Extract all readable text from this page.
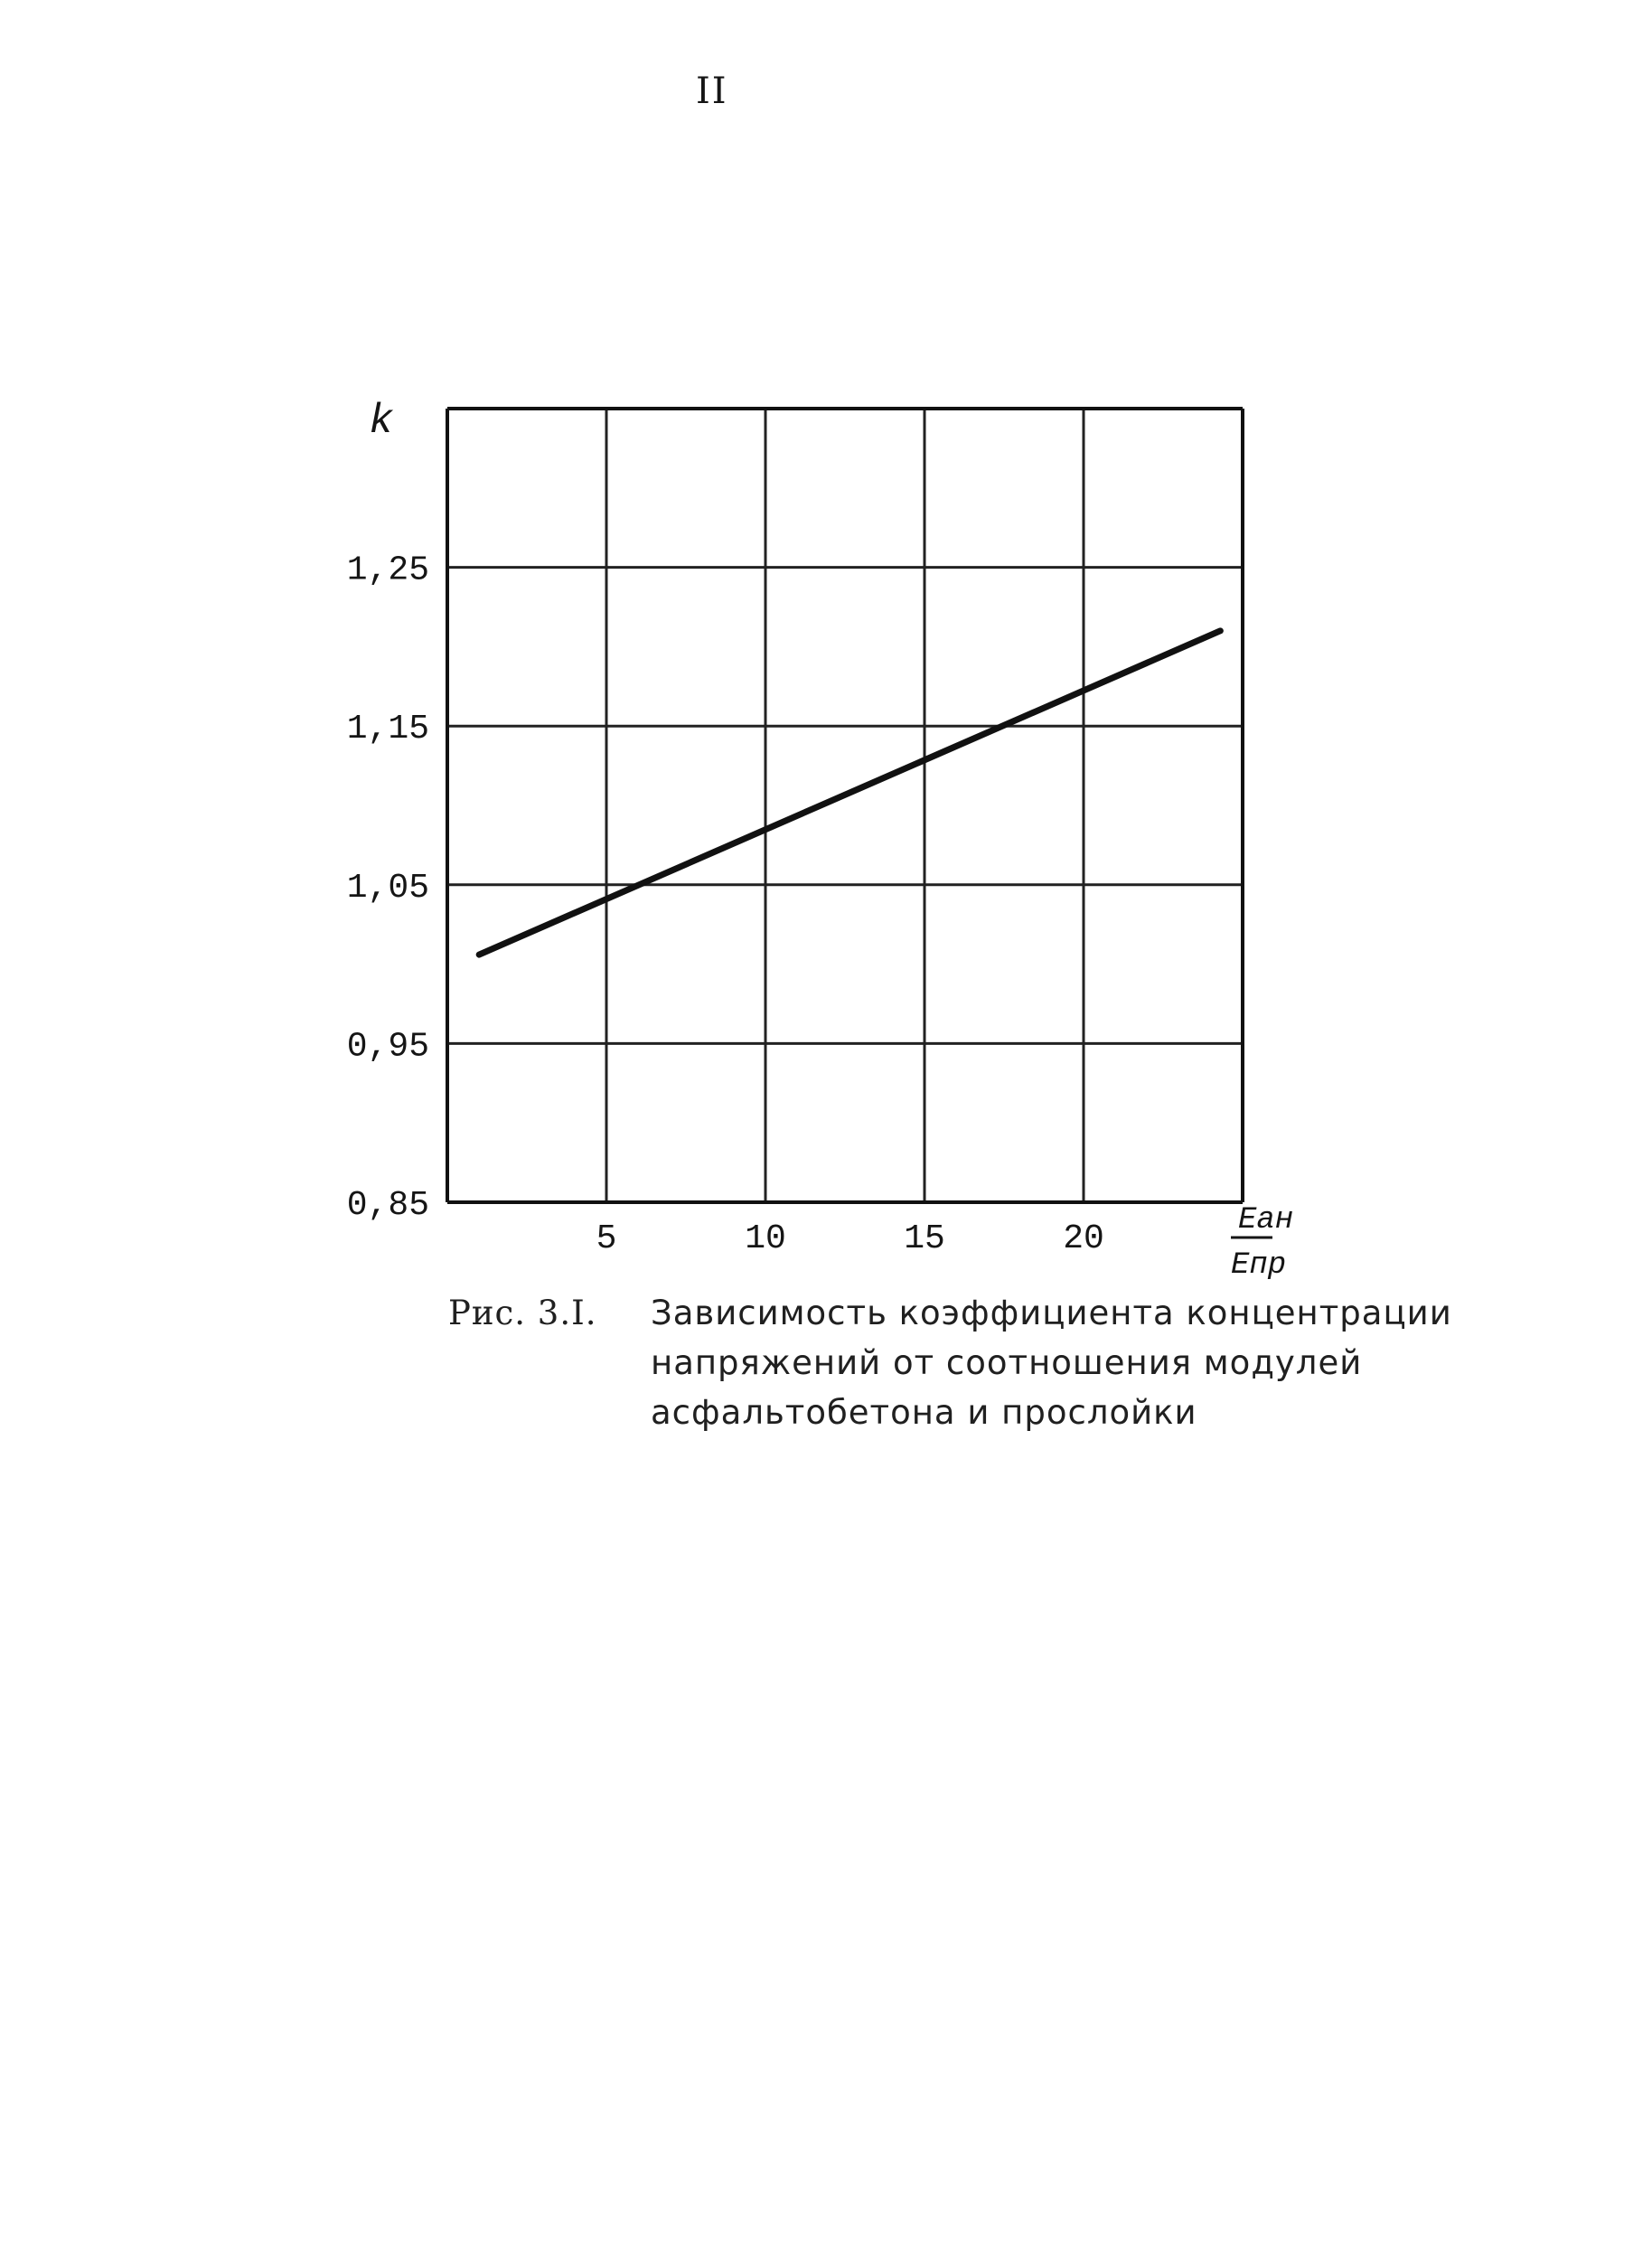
II
5	10	15	20
0,85
0,95
1,05
1,15
1,25
k
Eан
Eпр
Рис. 3.I. Зависимость коэффициента концентрации
напряжений от соотношения модулей
асфальтобетона и прослойки
